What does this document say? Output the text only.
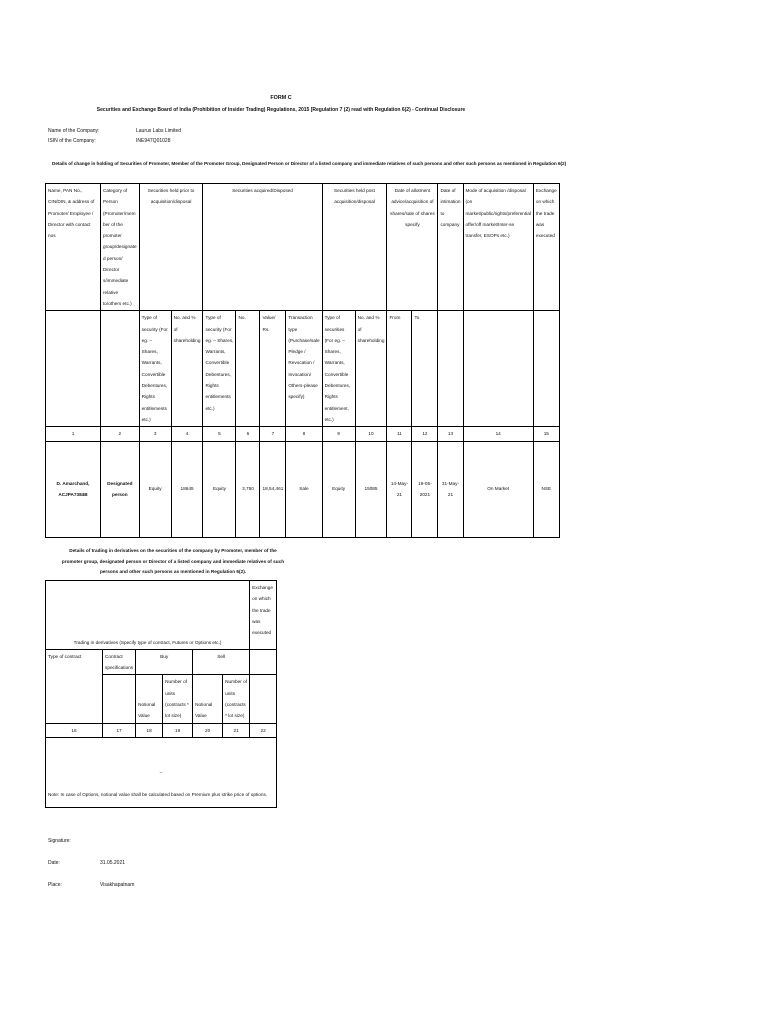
FORM C
Securities and Exchange Board of India (Prohibition of Insider Trading) Regulations, 2015 [Regulation 7 (2) read with Regulation 6(2) - Continual Disclosure
Name of the Company:	Laurus Labs Limited
ISIN of the Company:	INE947Q01028
Details of change in holding of Securities of Promoter, Member of the Promoter Group, Designated Person or Director of a listed company and immediate relatives of such persons and other such persons as mentioned in Regulation 6(2)
Name, PAN No., CIN/DIN, & address of Promoter/ Employee / Director with contact nos	Category of Person (Promoter/mem ber of the promoter group/designate d person/ Director s/immediate relative to/others etc.)	Securities held prior to acquisition/disposal		Securities acquired/Disposed				Securities held post acquisition/disposal		Date of allotment advice/acquisition of shares/sale of shares specify		Date of intimation to company	Mode of acquisition /disposal (on market/public/rights/preferential offer/off market/Inter-se transfer, ESOPs etc.)	Exchange on which the trade was executed
		Type of security (For eg. – Shares, Warrants, Convertible Debentures, Rights entitlements etc.)	No. and % of shareholding	Type of security (For eg. – Shares, Warrants, Convertible Debentures, Rights entitlements etc.)	No.	Value/ Rs.	Transaction type (Purchase/sale Pledge / Revocation / Invocation/ Others-please specify)	Type of securities (For eg. – Shares, Warrants, Convertible Debentures, Rights entitlement, etc.)	No. and % of shareholding	From	To			
1	2	3	4	5	6	7	8	9	10	11	12	13	14	15
D. Amarchand, ACJPA7384B	Designated person	Equity	18645	Equity	3,750	18,54,461	Sale	Equity	15085	14-May-21	19-05-2021	31-May-21	On Market	NSE
Details of trading in derivatives on the securities of the company by Promoter, member of the promoter group, designated person or Director of a listed company and immediate relatives of such persons and other such persons as mentioned in Regulation 6(2).
						Exchange on which the trade was executed
Trading in derivatives (Specify type of contract, Futures or Options etc.)						
Type of contract	Contract specifications	Buy		Sell		
		Notional Value	Number of units (contracts * lot size)	Notional Value	Number of units (contracts * lot size)	

16	17	18	19	20	21	22
--						
Note: In case of Options, notional value shall be calculated based on Premium plus strike price of options.
Signature:
Date:	31.05.2021
Place:	Visakhapatnam
